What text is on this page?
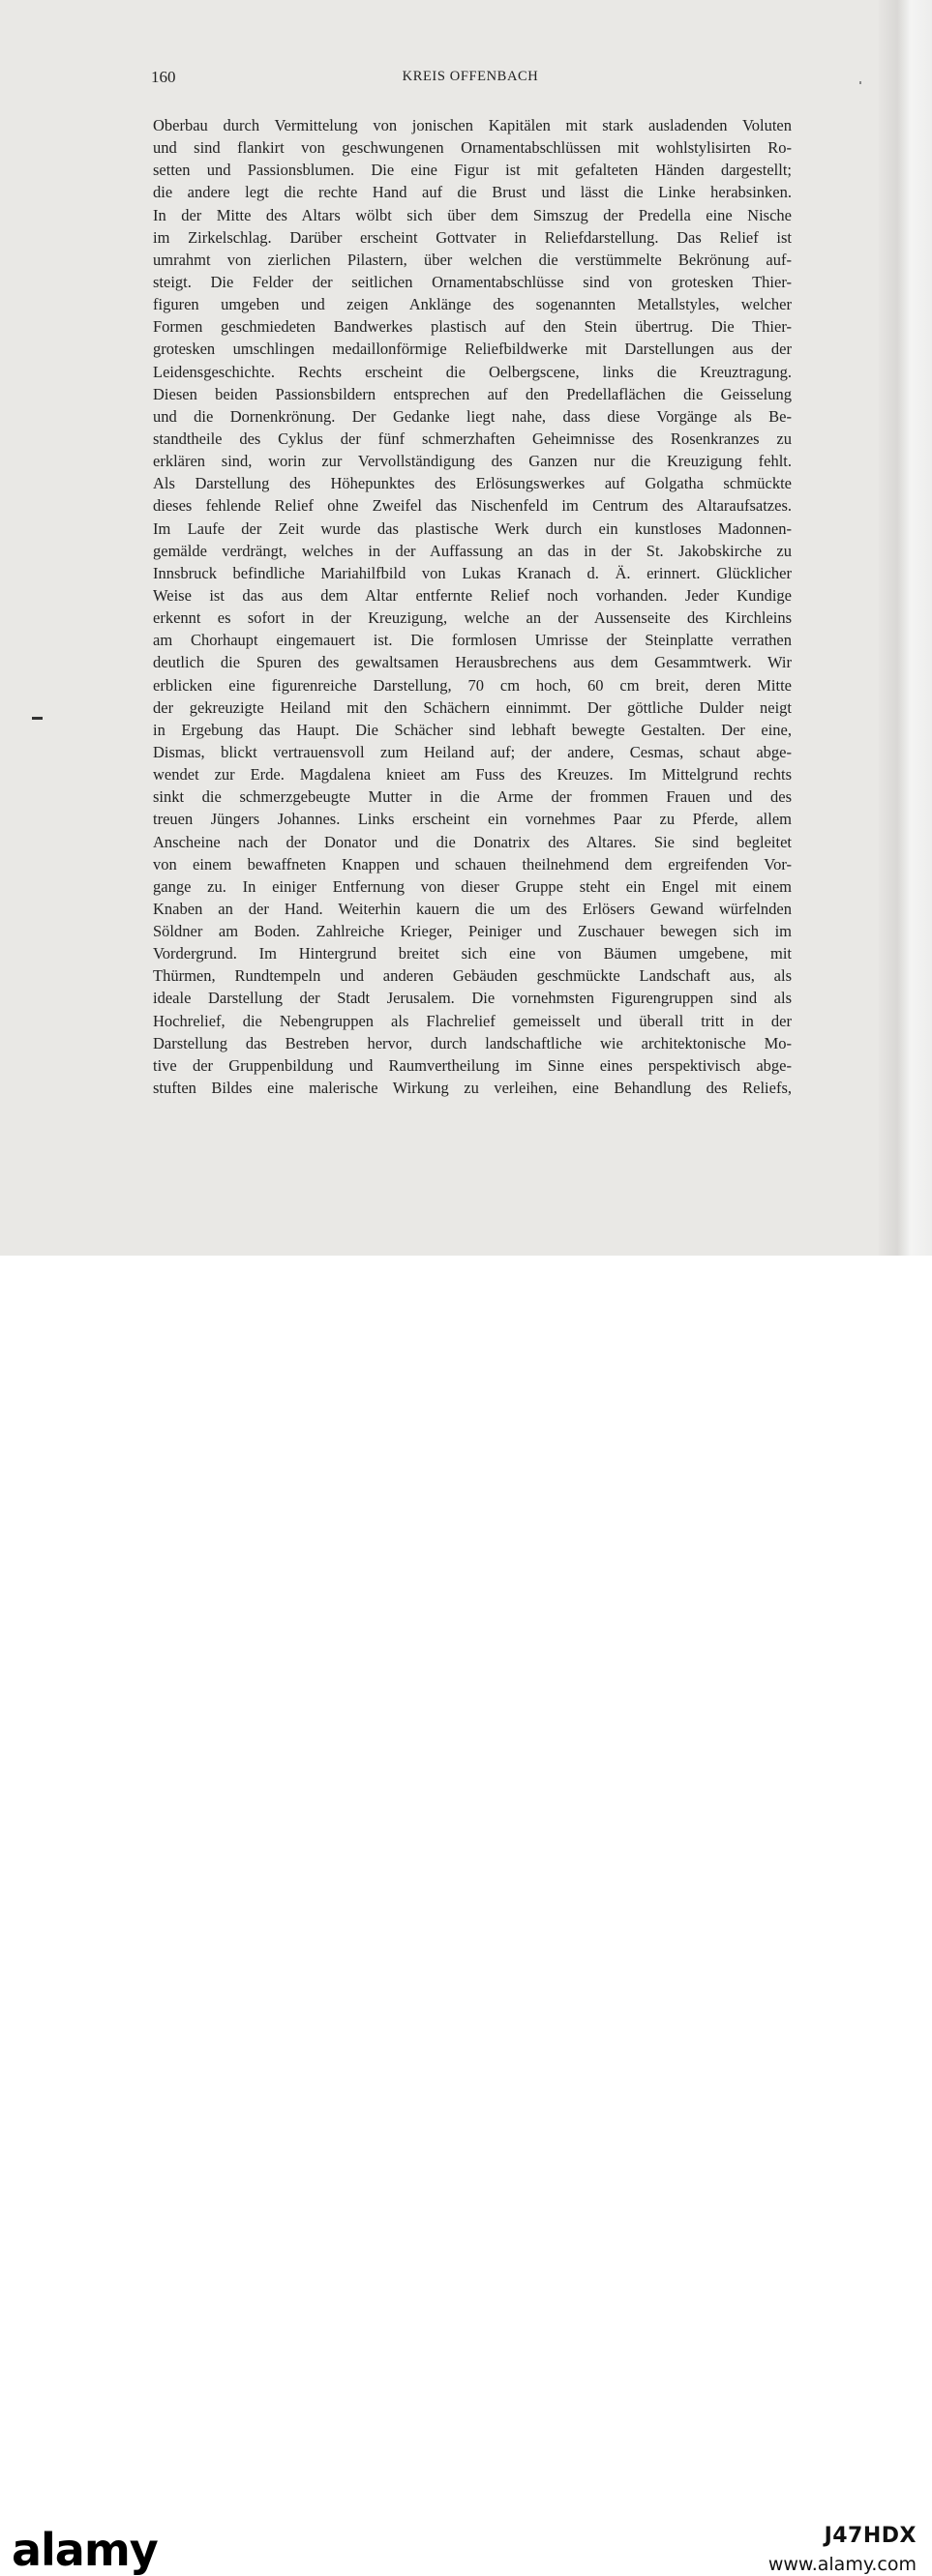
160	KREIS OFFENBACH
Oberbau durch Vermittelung von jonischen Kapitälen mit stark ausladenden Voluten
und sind flankirt von geschwungenen Ornamentabschlüssen mit wohlstylisirten Ro-
setten und Passionsblumen. Die eine Figur ist mit gefalteten Händen dargestellt;
die andere legt die rechte Hand auf die Brust und lässt die Linke herabsinken.
In der Mitte des Altars wölbt sich über dem Simszug der Predella eine Nische
im Zirkelschlag. Darüber erscheint Gottvater in Reliefdarstellung. Das Relief ist
umrahmt von zierlichen Pilastern, über welchen die verstümmelte Bekrönung auf-
steigt. Die Felder der seitlichen Ornamentabschlüsse sind von grotesken Thier-
figuren umgeben und zeigen Anklänge des sogenannten Metallstyles, welcher
Formen geschmiedeten Bandwerkes plastisch auf den Stein übertrug. Die Thier-
grotesken umschlingen medaillonförmige Reliefbildwerke mit Darstellungen aus der
Leidensgeschichte. Rechts erscheint die Oelbergscene, links die Kreuztragung.
Diesen beiden Passionsbildern entsprechen auf den Predellaflächen die Geisselung
und die Dornenkrönung. Der Gedanke liegt nahe, dass diese Vorgänge als Be-
standtheile des Cyklus der fünf schmerzhaften Geheimnisse des Rosenkranzes zu
erklären sind, worin zur Vervollständigung des Ganzen nur die Kreuzigung fehlt.
Als Darstellung des Höhepunktes des Erlösungswerkes auf Golgatha schmückte
dieses fehlende Relief ohne Zweifel das Nischenfeld im Centrum des Altaraufsatzes.
Im Laufe der Zeit wurde das plastische Werk durch ein kunstloses Madonnen-
gemälde verdrängt, welches in der Auffassung an das in der St. Jakobskirche zu
Innsbruck befindliche Mariahilfbild von Lukas Kranach d. Ä. erinnert. Glücklicher
Weise ist das aus dem Altar entfernte Relief noch vorhanden. Jeder Kundige
erkennt es sofort in der Kreuzigung, welche an der Aussenseite des Kirchleins
am Chorhaupt eingemauert ist. Die formlosen Umrisse der Steinplatte verrathen
deutlich die Spuren des gewaltsamen Herausbrechens aus dem Gesammtwerk. Wir
erblicken eine figurenreiche Darstellung, 70 cm hoch, 60 cm breit, deren Mitte
der gekreuzigte Heiland mit den Schächern einnimmt. Der göttliche Dulder neigt
in Ergebung das Haupt. Die Schächer sind lebhaft bewegte Gestalten. Der eine,
Dismas, blickt vertrauensvoll zum Heiland auf; der andere, Cesmas, schaut abge-
wendet zur Erde. Magdalena knieet am Fuss des Kreuzes. Im Mittelgrund rechts
sinkt die schmerzgebeugte Mutter in die Arme der frommen Frauen und des
treuen Jüngers Johannes. Links erscheint ein vornehmes Paar zu Pferde, allem
Anscheine nach der Donator und die Donatrix des Altares. Sie sind begleitet
von einem bewaffneten Knappen und schauen theilnehmend dem ergreifenden Vor-
gange zu. In einiger Entfernung von dieser Gruppe steht ein Engel mit einem
Knaben an der Hand. Weiterhin kauern die um des Erlösers Gewand würfelnden
Söldner am Boden. Zahlreiche Krieger, Peiniger und Zuschauer bewegen sich im
Vordergrund. Im Hintergrund breitet sich eine von Bäumen umgebene, mit
Thürmen, Rundtempeln und anderen Gebäuden geschmückte Landschaft aus, als
ideale Darstellung der Stadt Jerusalem. Die vornehmsten Figurengruppen sind als
Hochrelief, die Nebengruppen als Flachrelief gemeisselt und überall tritt in der
Darstellung das Bestreben hervor, durch landschaftliche wie architektonische Mo-
tive der Gruppenbildung und Raumvertheilung im Sinne eines perspektivisch abge-
stuften Bildes eine malerische Wirkung zu verleihen, eine Behandlung des Reliefs,
alamy	J47HDX
www.alamy.com
